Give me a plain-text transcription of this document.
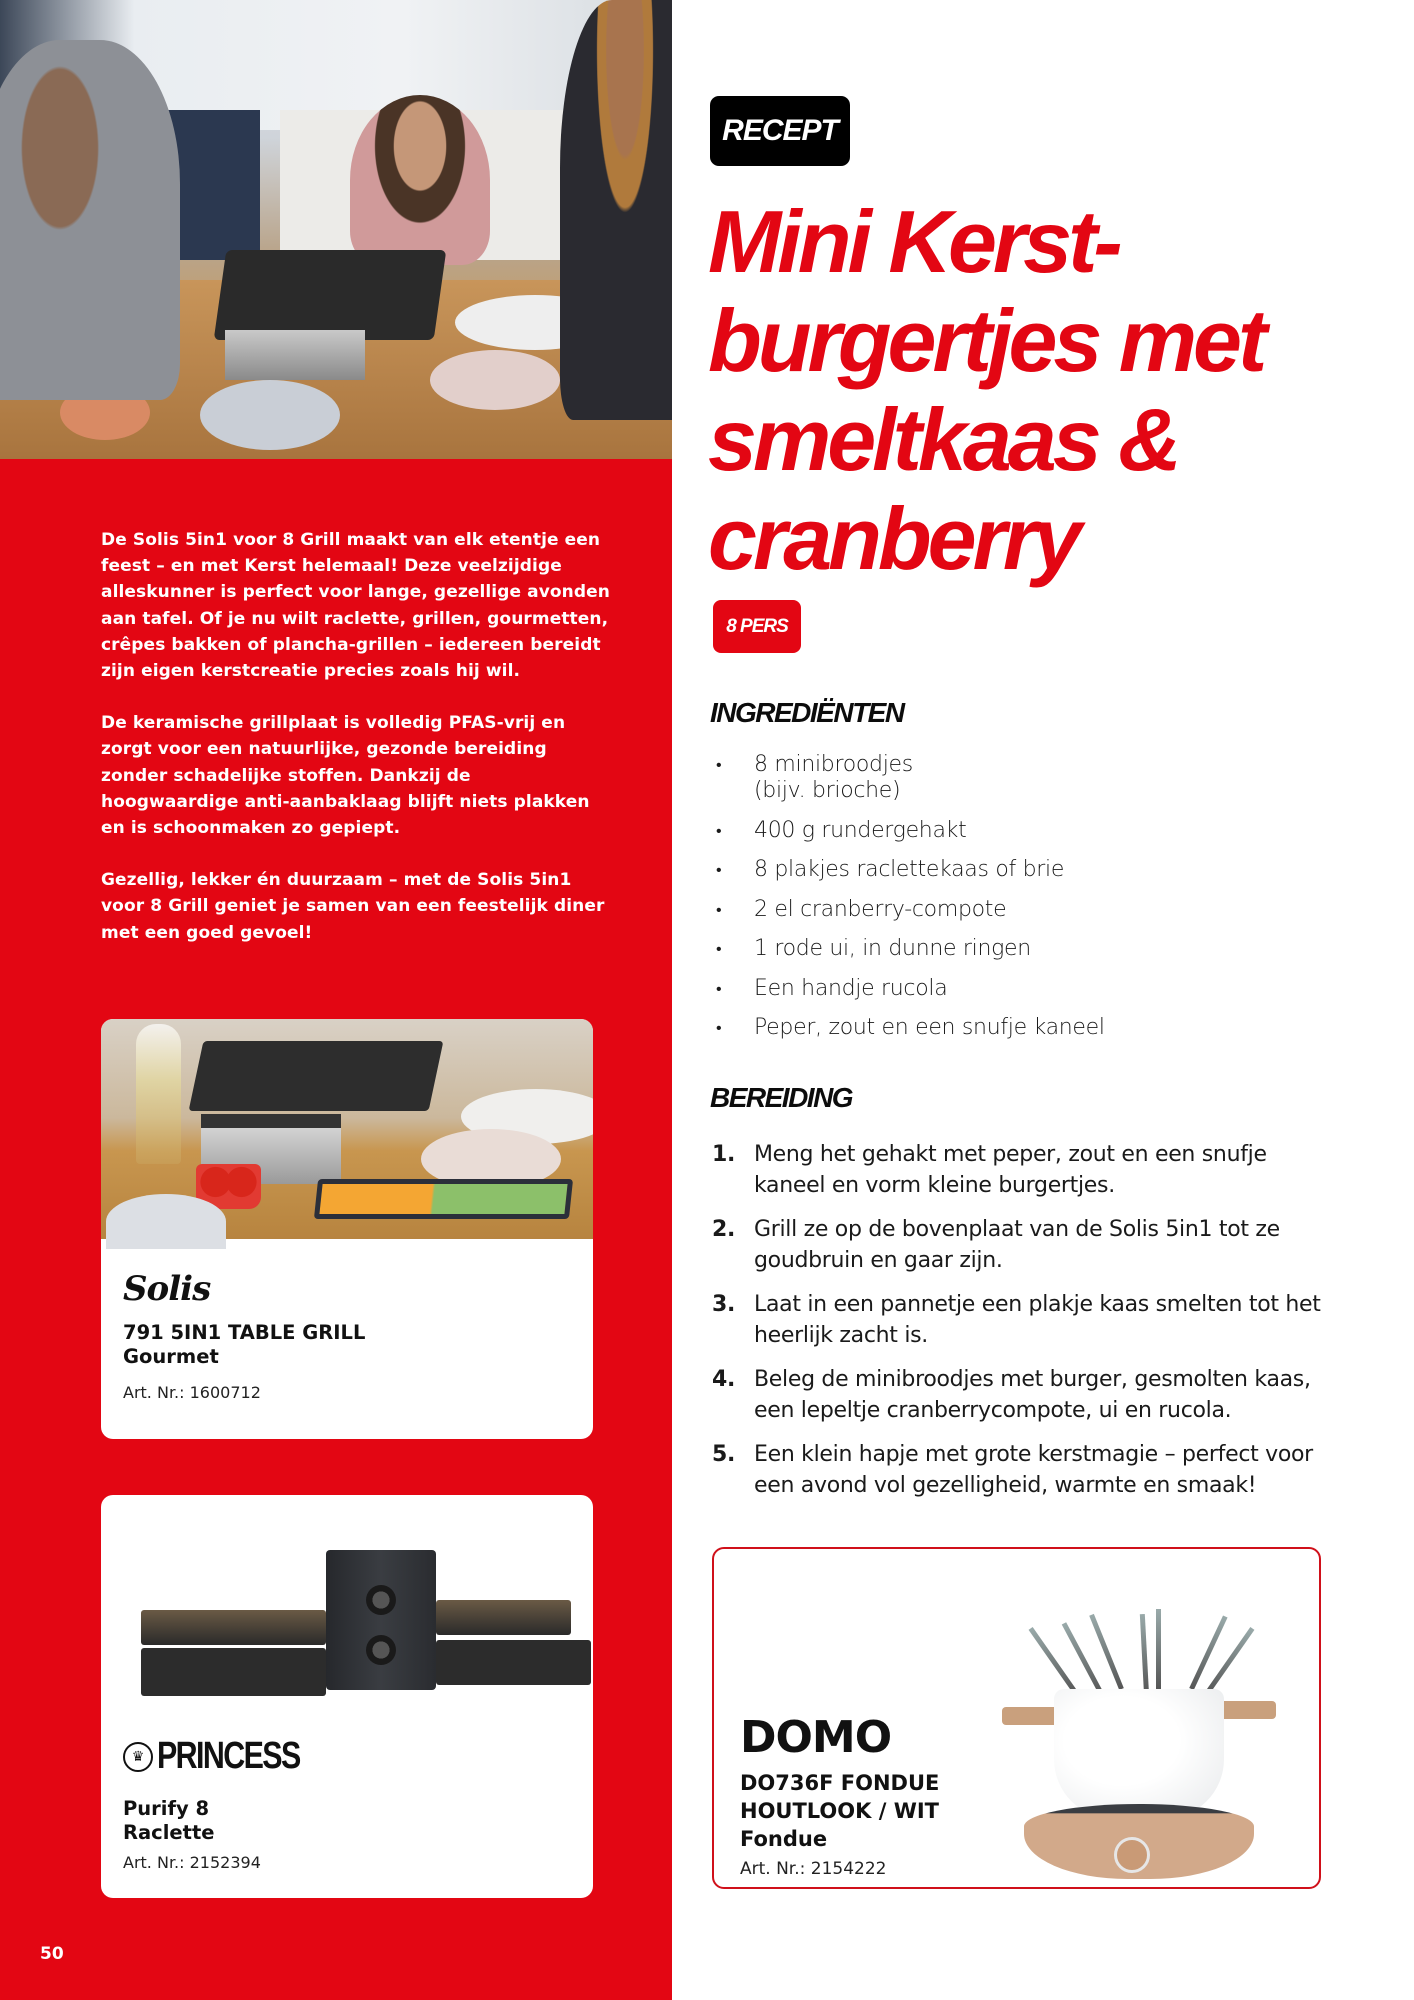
De Solis 5in1 voor 8 Grill maakt van elk etentje een feest – en met Kerst helemaal! Deze veelzijdige alleskunner is perfect voor lange, gezellige avonden aan tafel. Of je nu wilt raclette, grillen, gourmetten, crêpes bakken of plancha-grillen – iedereen bereidt zijn eigen kerstcreatie precies zoals hij wil.

De keramische grillplaat is volledig PFAS-vrij en zorgt voor een natuurlijke, gezonde bereiding zonder schadelijke stoffen. Dankzij de hoogwaardige anti-aanbaklaag blijft niets plakken en is schoonmaken zo gepiept.

Gezellig, lekker én duurzaam – met de Solis 5in1 voor 8 Grill geniet je samen van een feestelijk diner met een goed gevoel!

Solis
791 5IN1 TABLE GRILL
Gourmet
Art. Nr.: 1600712
♛ PRINCESS
Purify 8
Raclette
Art. Nr.: 2152394
50
RECEPT
Mini Kerst-
burgertjes met
smeltkaas &
cranberry
8 PERS
INGREDIËNTEN
•	8 minibroodjes (bijv. brioche)
•	400 g rundergehakt
•	8 plakjes raclettekaas of brie
•	2 el cranberry-compote
•	1 rode ui, in dunne ringen
•	Een handje rucola
•	Peper, zout en een snufje kaneel
BEREIDING
1. Meng het gehakt met peper, zout en een snufje kaneel en vorm kleine burgertjes.
2. Grill ze op de bovenplaat van de Solis 5in1 tot ze goudbruin en gaar zijn.
3. Laat in een pannetje een plakje kaas smelten tot het heerlijk zacht is.
4. Beleg de minibroodjes met burger, gesmolten kaas, een lepeltje cranberrycompote, ui en rucola.
5. Een klein hapje met grote kerstmagie – perfect voor een avond vol gezelligheid, warmte en smaak!
DOMO
DO736F FONDUE
HOUTLOOK / WIT
Fondue
Art. Nr.: 2154222
